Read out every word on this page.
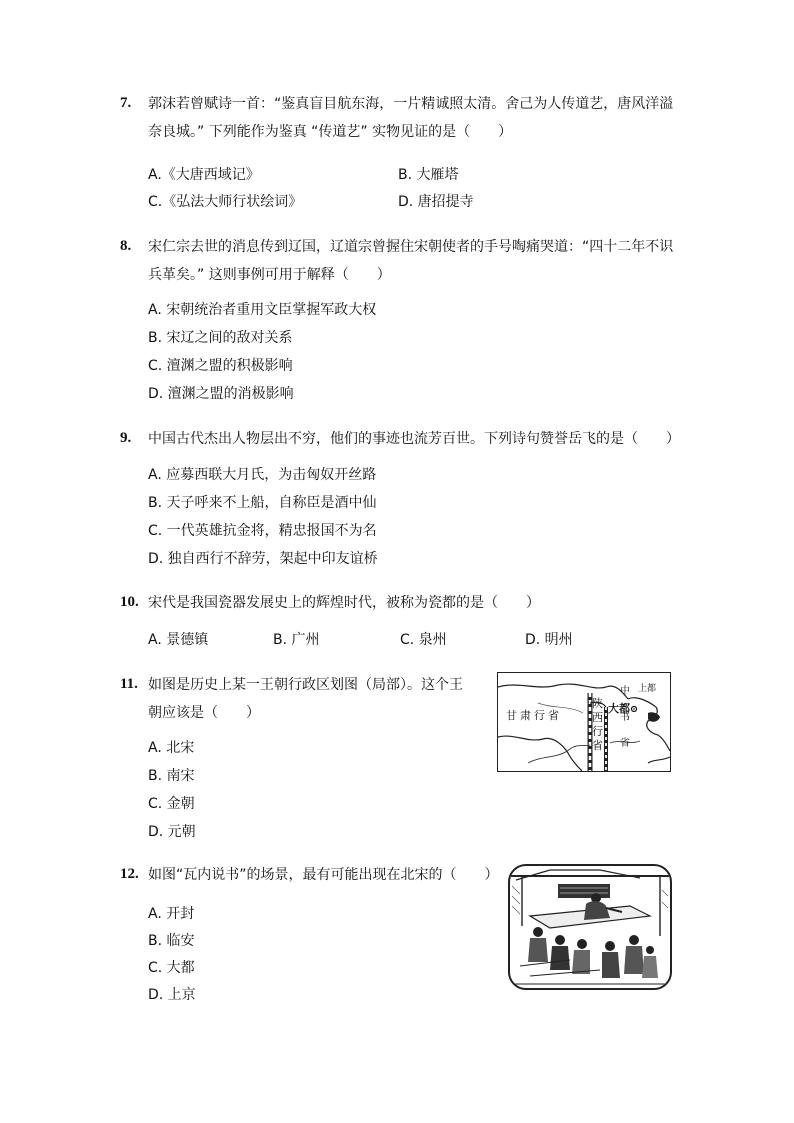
7. 郭沫若曾赋诗一首：“鉴真盲目航东海，一片精诚照太清。舍己为人传道艺，唐风洋溢
奈良城。” 下列能作为鉴真 “传道艺” 实物见证的是（　　）
A.《大唐西域记》	B. 大雁塔
C.《弘法大师行状绘词》	D. 唐招提寺
8. 宋仁宗去世的消息传到辽国，辽道宗曾握住宋朝使者的手号啕痛哭道：“四十二年不识
兵革矣。” 这则事例可用于解释（　　）
A. 宋朝统治者重用文臣掌握军政大权
B. 宋辽之间的敌对关系
C. 澶渊之盟的积极影响
D. 澶渊之盟的消极影响
9. 中国古代杰出人物层出不穷，他们的事迹也流芳百世。下列诗句赞誉岳飞的是（　　）
A. 应募西联大月氏，为击匈奴开丝路
B. 天子呼来不上船，自称臣是酒中仙
C. 一代英雄抗金将，精忠报国不为名
D. 独自西行不辞劳，架起中印友谊桥
10. 宋代是我国瓷器发展史上的辉煌时代，被称为瓷都的是（　　）
A. 景德镇	B. 广州	C. 泉州	D. 明州
11. 如图是历史上某一王朝行政区划图（局部）。这个王
朝应该是（　　）
A. 北宋
B. 南宋
C. 金朝
D. 元朝
甘肃行省
陕西行省
大都
中书省
上都
12. 如图“瓦内说书”的场景，最有可能出现在北宋的（　　）
A. 开封
B. 临安
C. 大都
D. 上京
